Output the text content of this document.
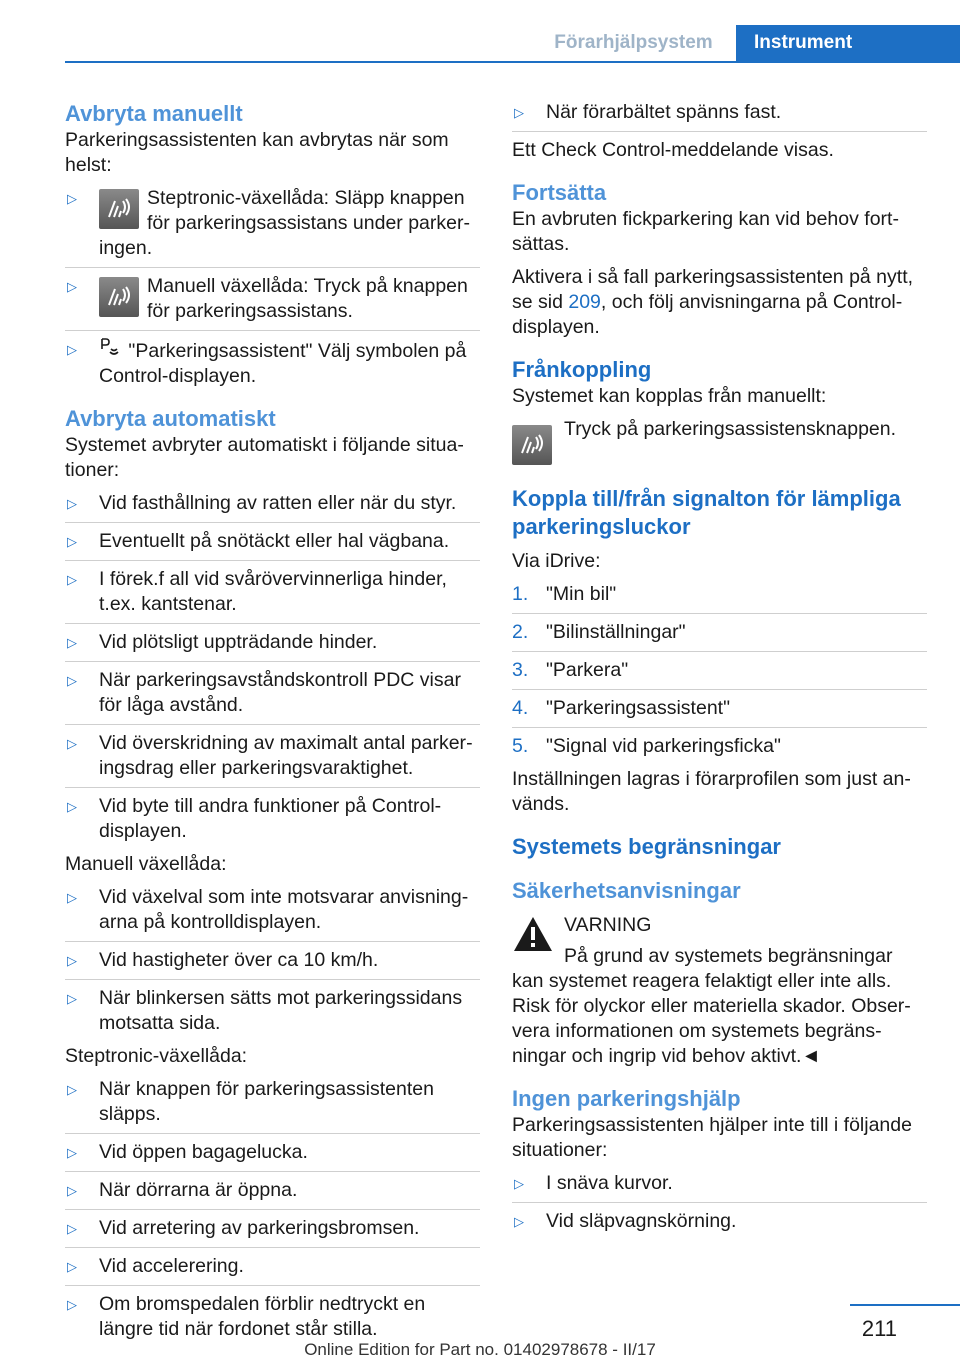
Förarhjälpsystem	Instrument
Avbryta manuellt
Parkeringsassistenten kan avbrytas när som helst:
▷	Steptronic-växellåda: Släpp knappen för parkeringsassistans under parkeringen.
▷	Manuell växellåda: Tryck på knappen för parkeringsassistans.
▷	"Parkeringsassistent" Välj symbolen på Control-displayen.
Avbryta automatiskt
Systemet avbryter automatiskt i följande situationer:
▷	Vid fasthållning av ratten eller när du styr.
▷	Eventuellt på snötäckt eller hal vägbana.
▷	I förek.f all vid svårövervinnerliga hinder, t.ex. kantstenar.
▷	Vid plötsligt uppträdande hinder.
▷	När parkeringsavståndskontroll PDC visar för låga avstånd.
▷	Vid överskridning av maximalt antal parkeringsdrag eller parkeringsvaraktighet.
▷	Vid byte till andra funktioner på Control-displayen.
Manuell växellåda:
▷	Vid växelval som inte motsvarar anvisningarna på kontrolldisplayen.
▷	Vid hastigheter över ca 10 km/h.
▷	När blinkersen sätts mot parkeringssidans motsatta sida.
Steptronic-växellåda:
▷	När knappen för parkeringsassistenten släpps.
▷	Vid öppen bagagelucka.
▷	När dörrarna är öppna.
▷	Vid arretering av parkeringsbromsen.
▷	Vid accelerering.
▷	Om bromspedalen förblir nedtryckt en längre tid när fordonet står stilla.
▷	När förarbältet spänns fast.
Ett Check Control-meddelande visas.
Fortsätta
En avbruten fickparkering kan vid behov fortsättas.
Aktivera i så fall parkeringsassistenten på nytt, se sid 209, och följ anvisningarna på Control-displayen.
Frånkoppling
Systemet kan kopplas från manuellt:
Tryck på parkeringsassistensknappen.
Koppla till/från signalton för lämpliga parkeringsluckor
Via iDrive:
1. "Min bil"
2. "Bilinställningar"
3. "Parkera"
4. "Parkeringsassistent"
5. "Signal vid parkeringsficka"
Inställningen lagras i förarprofilen som just används.
Systemets begränsningar
Säkerhetsanvisningar
VARNING
På grund av systemets begränsningar
kan systemet reagera felaktigt eller inte alls. Risk för olyckor eller materiella skador. Observera informationen om systemets begränsningar och ingrip vid behov aktivt.◄
Ingen parkeringshjälp
Parkeringsassistenten hjälper inte till i följande situationer:
▷	I snäva kurvor.
▷	Vid släpvagnskörning.
211
Online Edition for Part no. 01402978678 - II/17
